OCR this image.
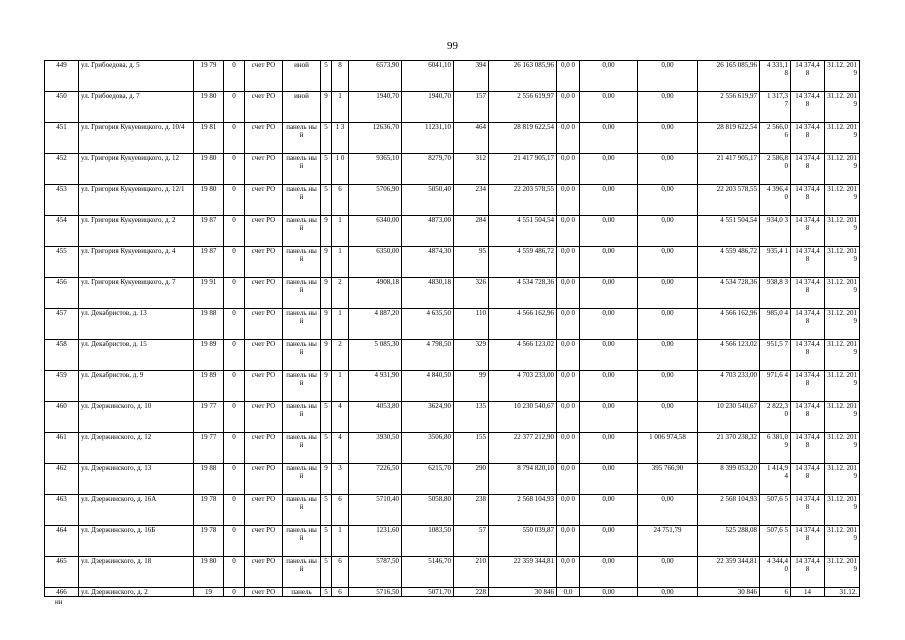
99
449	ул. Грибоедова, д. 5	19 79	0	счет РО	иной	5	8	6573,90	6041,10	394	26 163 085,96	0,0 0	0,00	0,00	26 165 085,96	4 331,1 8	14 374,4 8	31.12. 2019
450	ул. Грибоедова, д. 7	19 80	0	счет РО	иной	9	1	1940,70	1940,70	157	2 556 619,97	0,0 0	0,00	0,00	2 556 619,97	1 317,3 7	14 374,4 8	31.12. 2019
451	ул. Григория Кукуевицкого, д. 10/4	19 81	0	счет РО	панель ный	5	1 3	12636,70	11231,10	464	28 819 622,54	0,0 0	0,00	0,00	28 819 622,54	2 566,0 6	14 374,4 8	31.12. 2019
452	ул. Григория Кукуевицкого, д. 12	19 80	0	счет РО	панель ный	5	1 0	9365,10	8279,70	312	21 417 905,17	0,0 0	0,00	0,00	21 417 905,17	2 586,8 0	14 374,4 8	31.12. 2019
453	ул. Григория Кукуевицкого, д. 12/1	19 80	0	счет РО	панель ный	5	6	5706,90	5050,40	234	22 203 578,55	0,0 0	0,00	0,00	22 203 578,55	4 396,4 0	14 374,4 8	31.12. 2019
454	ул. Григория Кукуевицкого, д. 2	19 87	0	счет РО	панель ный	9	1	6340,00	4873,00	284	4 551 504,54	0,0 0	0,00	0,00	4 551 504,54	934,0 3	14 374,4 8	31.12. 2019
455	ул. Григория Кукуевицкого, д. 4	19 87	0	счет РО	панель ный	9	1	6350,00	4874,30	95	4 559 486,72	0,0 0	0,00	0,00	4 559 486,72	935,4 1	14 374,4 8	31.12. 2019
456	ул. Григория Кукуевицкого, д. 7	19 91	0	счет РО	панель ный	9	2	4908,18	4830,18	326	4 534 728,36	0,0 0	0,00	0,00	4 534 728,36	938,8 3	14 374,4 8	31.12. 2019
457	ул. Декабристов, д. 13	19 88	0	счет РО	панель ный	9	1	4 887,20	4 635,50	110	4 566 162,96	0,0 0	0,00	0,00	4 566 162,96	985,0 4	14 374,4 8	31.12. 2019
458	ул. Декабристов, д. 15	19 89	0	счет РО	панель ный	9	2	5 085,30	4 798,50	329	4 566 123,02	0,0 0	0,00	0,00	4 566 123,02	951,5 7	14 374,4 8	31.12. 2019
459	ул. Декабристов, д. 9	19 89	0	счет РО	панель ный	9	1	4 931,90	4 840,50	99	4 703 233,00	0,0 0	0,00	0,00	4 703 233,00	971,6 4	14 374,4 8	31.12. 2019
460	ул. Дзержинского, д. 10	19 77	0	счет РО	панель ный	5	4	4053,80	3624,90	135	10 230 540,67	0,0 0	0,00	0,00	10 230 540,67	2 822,3 0	14 374,4 8	31.12. 2019
461	ул. Дзержинского, д. 12	19 77	0	счет РО	панель ный	5	4	3930,50	3506,80	155	22 377 212,90	0,0 0	0,00	1 006 974,58	21 370 238,32	6 381,0 9	14 374,4 8	31.12. 2019
462	ул. Дзержинского, д. 13	19 88	0	счет РО	панель ный	9	3	7226,50	6215,70	290	8 794 820,10	0,0 0	0,00	395 766,90	8 399 053,20	1 414,9 4	14 374,4 8	31.12. 2019
463	ул. Дзержинского, д. 16А	19 78	0	счет РО	панель ный	5	6	5710,40	5058,80	238	2 568 104,93	0,0 0	0,00	0,00	2 568 104,93	507,6 5	14 374,4 8	31.12. 2019
464	ул. Дзержинского, д. 16Б	19 78	0	счет РО	панель ный	5	1	1231,60	1083,50	57	550 039,87	0,0 0	0,00	24 751,79	525 288,08	507,6 5	14 374,4 8	31.12. 2019
465	ул. Дзержинского, д. 18	19 80	0	счет РО	панель ный	5	6	5787,50	5146,70	210	22 359 344,81	0,0 0	0,00	0,00	22 359 344,81	4 344,4 0	14 374,4 8	31.12. 2019
466	ул. Дзержинского, д. 2	19	0	счет РО	панель	5	6	5716,50	5071,70	228	30 846	0,0	0,00	0,00	30 846	6	14	31.12.
нн
